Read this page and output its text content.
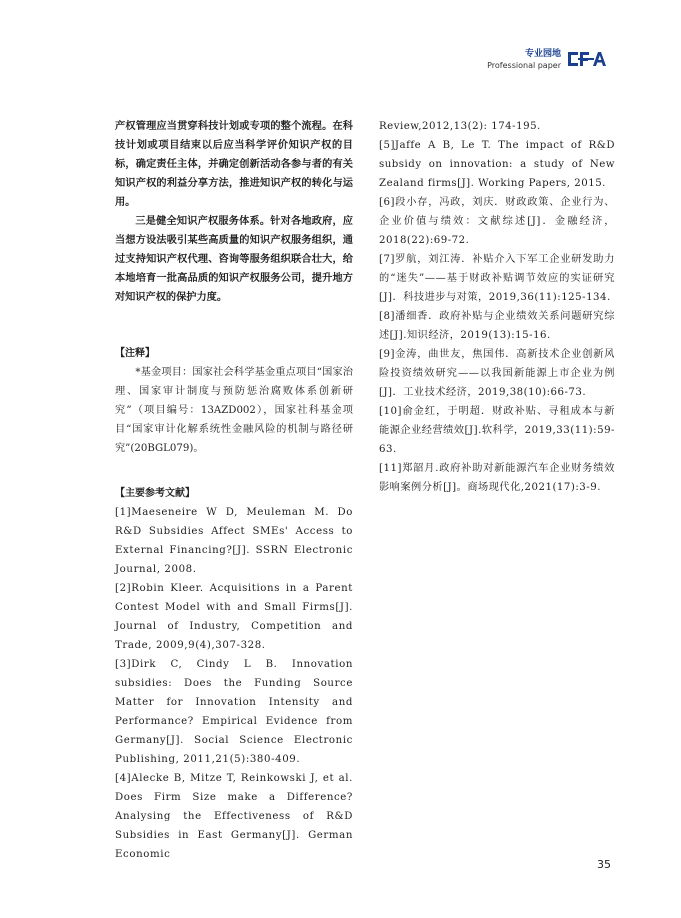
专业园地
Professional paper

产权管理应当贯穿科技计划或专项的整个流程。在科技计划或项目结束以后应当科学评价知识产权的目标，确定责任主体，并确定创新活动各参与者的有关知识产权的利益分享方法，推进知识产权的转化与运用。

三是健全知识产权服务体系。针对各地政府，应当想方设法吸引某些高质量的知识产权服务组织，通过支持知识产权代理、咨询等服务组织联合壮大，给本地培育一批高品质的知识产权服务公司，提升地方对知识产权的保护力度。

【注释】

*基金项目：国家社会科学基金重点项目“国家治理、国家审计制度与预防惩治腐败体系创新研究”（项目编号：13AZD002），国家社科基金项目“国家审计化解系统性金融风险的机制与路径研究”(20BGL079)。

【主要参考文献】

[1]Maeseneire W D, Meuleman M. Do R&D Subsidies Affect SMEs' Access to External Financing?[J]. SSRN Electronic Journal, 2008.

[2]Robin Kleer. Acquisitions in a Parent Contest Model with and Small Firms[J]. Journal of Industry, Competition and Trade, 2009,9(4),307-328.

[3]Dirk C, Cindy L B. Innovation subsidies: Does the Funding Source Matter for Innovation Intensity and Performance? Empirical Evidence from Germany[J]. Social Science Electronic Publishing, 2011,21(5):380-409.

[4]Alecke B, Mitze T, Reinkowski J, et al. Does Firm Size make a Difference? Analysing the Effectiveness of R&D Subsidies in East Germany[J]. German Economic

Review,2012,13(2): 174-195.

[5]Jaffe A B, Le T. The impact of R&D subsidy on innovation: a study of New Zealand firms[J]. Working Papers, 2015.

[6]段小存，冯政，刘庆．财政政策、企业行为、企业价值与绩效：文献综述[J]．金融经济，2018(22):69-72.

[7]罗航，刘江涛．补贴介入下军工企业研发助力的“迷失”——基于财政补贴调节效应的实证研究[J]．科技进步与对策，2019,36(11):125-134.

[8]潘细香．政府补贴与企业绩效关系问题研究综述[J].知识经济，2019(13):15-16.

[9]金涛，曲世友，焦国伟．高新技术企业创新风险投资绩效研究——以我国新能源上市企业为例[J]．工业技术经济，2019,38(10):66-73.

[10]俞金红，于明超．财政补贴、寻租成本与新能源企业经营绩效[J].软科学，2019,33(11):59-63.

[11]郑韶月.政府补助对新能源汽车企业财务绩效影响案例分析[J]。商场现代化,2021(17):3-9.

35
